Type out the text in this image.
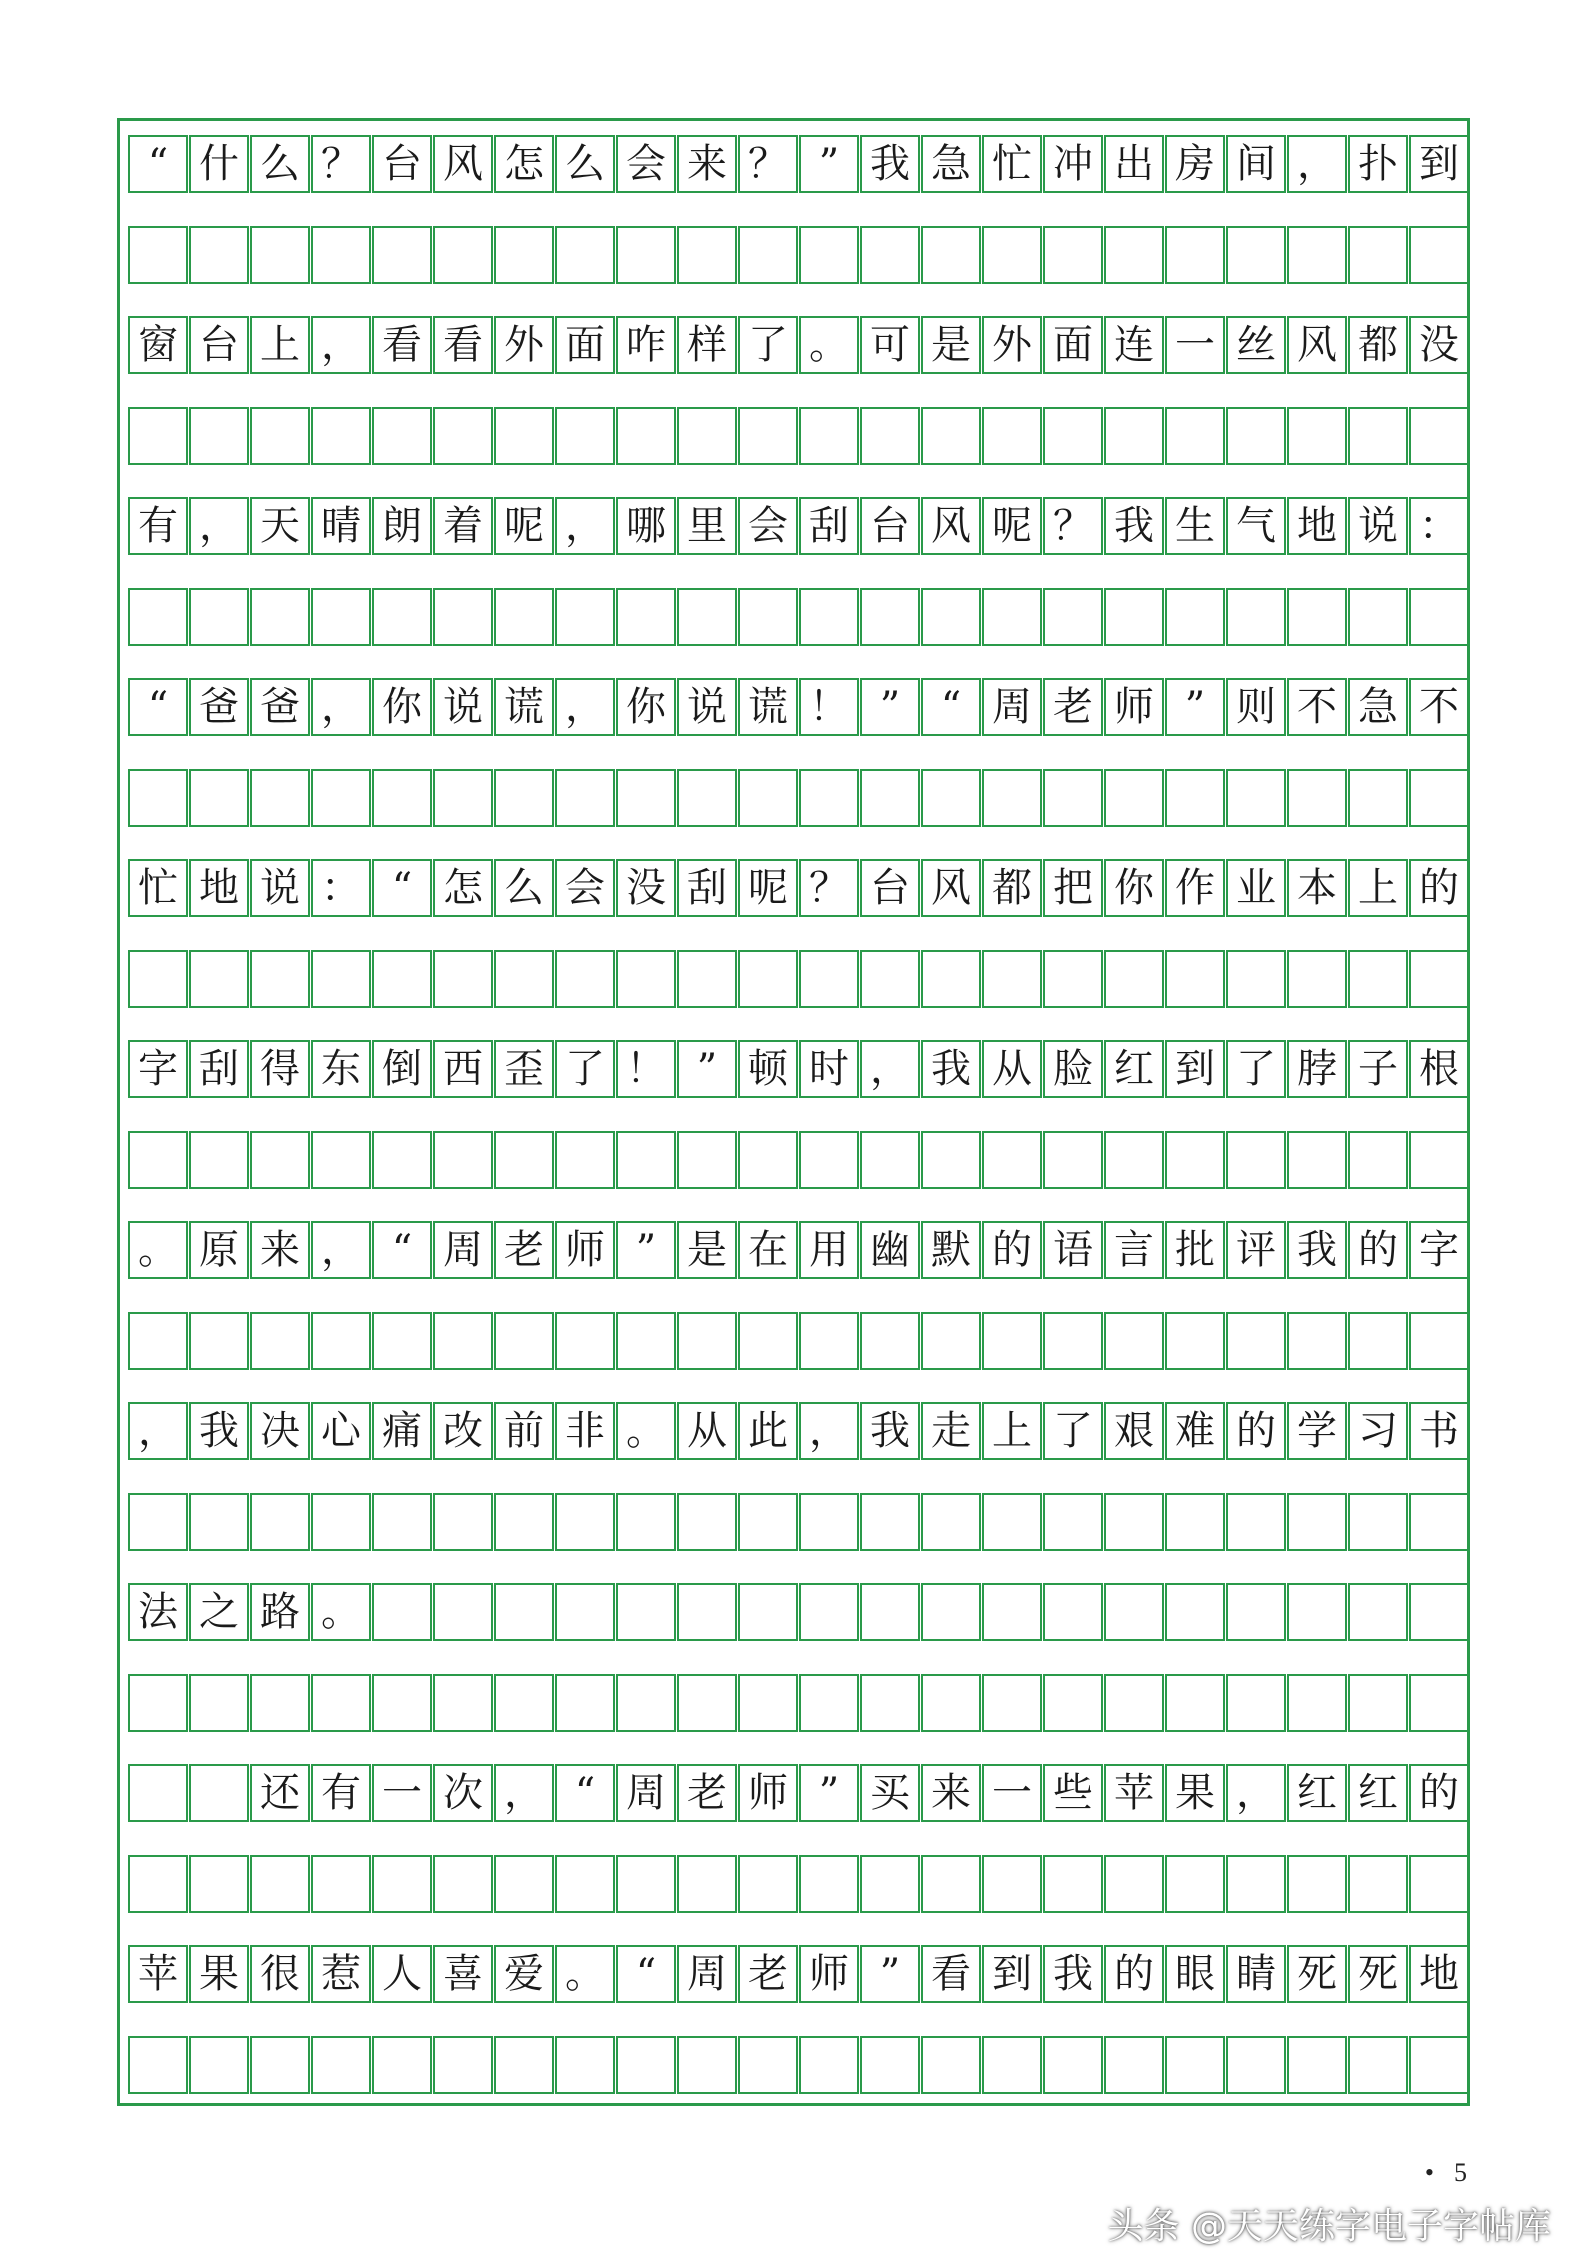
“ 什 么 ？ 台 风 怎 么 会 来 ？ ” 我 急 忙 冲 出 房 间 ， 扑 到
窗 台 上 ， 看 看 外 面 咋 样 了 。 可 是 外 面 连 一 丝 风 都 没
有 ， 天 晴 朗 着 呢 ， 哪 里 会 刮 台 风 呢 ？ 我 生 气 地 说 ：
“ 爸 爸 ， 你 说 谎 ， 你 说 谎 ！ ”	“ 周 老 师 ” 则 不 急 不
忙 地 说 ： “ 怎 么 会 没 刮 呢 ？ 台 风 都 把 你 作 业 本 上 的
字 刮 得 东 倒 西 歪 了 ！ ” 顿 时 ， 我 从 脸 红 到 了 脖 子 根
。 原 来 ， “ 周 老 师 ” 是 在 用 幽 默 的 语 言 批 评 我 的 字
， 我 决 心 痛 改 前 非 。 从 此 ， 我 走 上 了 艰 难 的 学 习 书
法 之 路 。
还 有 一 次 ， “ 周 老 师 ” 买 来 一 些 苹 果 ， 红 红 的
苹 果 很 惹 人 喜 爱 。 “ 周 老 师 ” 看 到 我 的 眼 睛 死 死 地
• 5
头条 @天天练字电子字帖库
